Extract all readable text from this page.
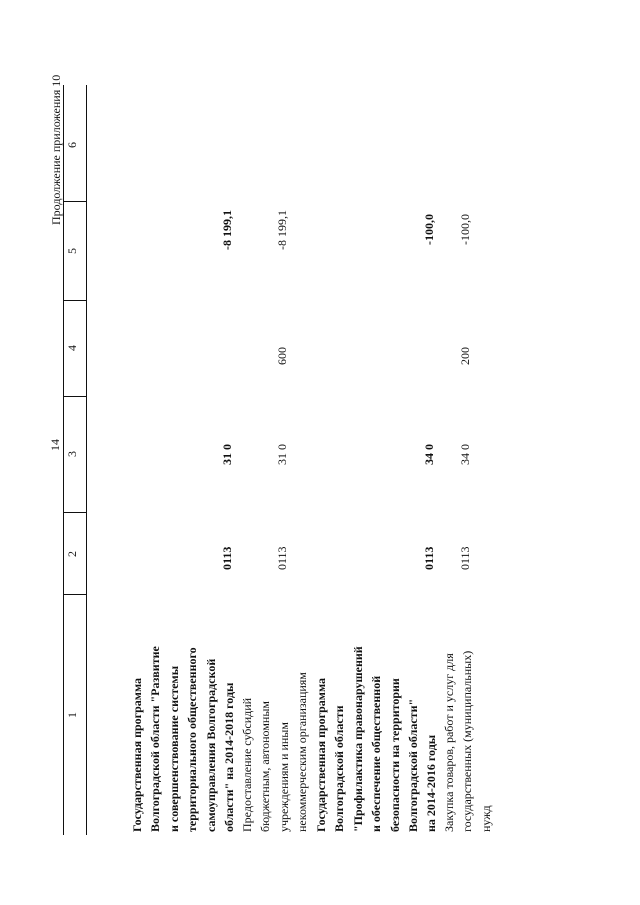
14
Продолжение приложения 10
1
2
3
4
5
6
Государственная программа Волгоградской области "Развитие и совершенствование системы территориального общественного самоуправления Волгоградской области" на 2014-2018 годы
0113
31 0
-8 199,1
Предоставление субсидий бюджетным, автономным учреждениям и иным некоммерческим организациям
0113
31 0
600
-8 199,1
Государственная программа Волгоградской области "Профилактика правонарушений и обеспечение общественной безопасности на территории Волгоградской области" на 2014-2016 годы
0113
34 0
-100,0
Закупка товаров, работ и услуг для государственных (муниципальных) нужд
0113
34 0
200
-100,0
